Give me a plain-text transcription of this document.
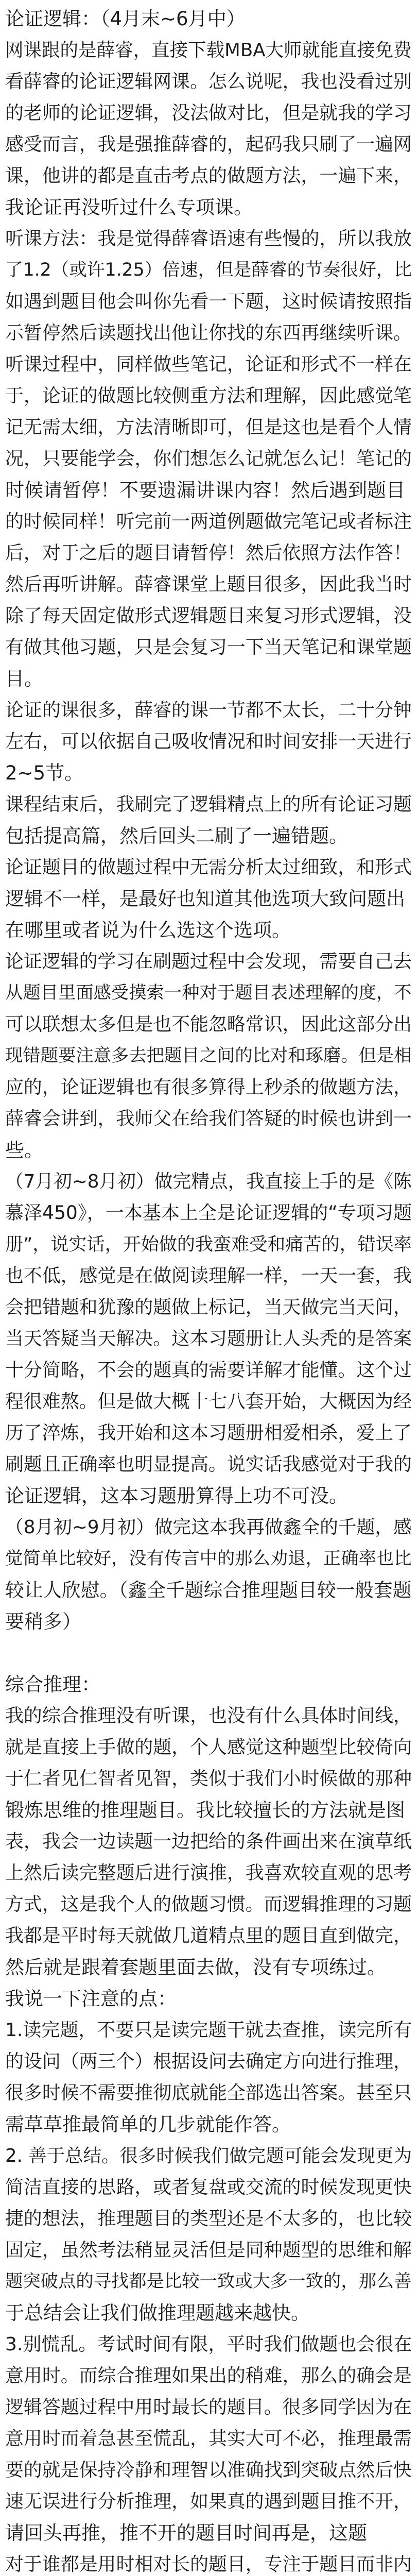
论证逻辑：（4月末~6月中）
网课跟的是薛睿，直接下载MBA大师就能直接免费
看薛睿的论证逻辑网课。怎么说呢，我也没看过别
的老师的论证逻辑，没法做对比，但是就我的学习
感受而言，我是强推薛睿的，起码我只刷了一遍网
课，他讲的都是直击考点的做题方法，一遍下来，
我论证再没听过什么专项课。
听课方法：我是觉得薛睿语速有些慢的，所以我放
了1.2（或许1.25）倍速，但是薛睿的节奏很好，比
如遇到题目他会叫你先看一下题，这时候请按照指
示暂停然后读题找出他让你找的东西再继续听课。
听课过程中，同样做些笔记，论证和形式不一样在
于，论证的做题比较侧重方法和理解，因此感觉笔
记无需太细，方法清晰即可，但是这也是看个人情
况，只要能学会，你们想怎么记就怎么记！笔记的
时候请暂停！不要遗漏讲课内容！然后遇到题目
的时候同样！听完前一两道例题做完笔记或者标注
后，对于之后的题目请暂停！然后依照方法作答！
然后再听讲解。薛睿课堂上题目很多，因此我当时
除了每天固定做形式逻辑题目来复习形式逻辑，没
有做其他习题，只是会复习一下当天笔记和课堂题
目。
论证的课很多，薛睿的课一节都不太长，二十分钟
左右，可以依据自己吸收情况和时间安排一天进行
2~5节。
课程结束后，我刷完了逻辑精点上的所有论证习题
包括提高篇，然后回头二刷了一遍错题。
论证题目的做题过程中无需分析太过细致，和形式
逻辑不一样，是最好也知道其他选项大致问题出
在哪里或者说为什么选这个选项。
论证逻辑的学习在刷题过程中会发现，需要自己去
从题目里面感受摸索一种对于题目表述理解的度，不
可以联想太多但是也不能忽略常识，因此这部分出
现错题要注意多去把题目之间的比对和琢磨。但是相
应的，论证逻辑也有很多算得上秒杀的做题方法，
薛睿会讲到，我师父在给我们答疑的时候也讲到一
些。
（7月初~8月初）做完精点，我直接上手的是《陈
慕泽450》，一本基本上全是论证逻辑的“专项习题
册”，说实话，开始做的我蛮难受和痛苦的，错误率
也不低，感觉是在做阅读理解一样，一天一套，我
会把错题和犹豫的题做上标记，当天做完当天问，
当天答疑当天解决。这本习题册让人头秃的是答案
十分简略，不会的题真的需要详解才能懂。这个过
程很难熬。但是做大概十七八套开始，大概因为经
历了淬炼，我开始和这本习题册相爱相杀，爱上了
刷题且正确率也明显提高。说实话我感觉对于我的
论证逻辑，这本习题册算得上功不可没。
（8月初~9月初）做完这本我再做鑫全的千题，感
觉简单比较好，没有传言中的那么劝退，正确率也比
较让人欣慰。（鑫全千题综合推理题目较一般套题
要稍多）
综合推理：
我的综合推理没有听课，也没有什么具体时间线，
就是直接上手做的题，个人感觉这种题型比较倚向
于仁者见仁智者见智，类似于我们小时候做的那种
锻炼思维的推理题目。我比较擅长的方法就是图
表，我会一边读题一边把给的条件画出来在演草纸
上然后读完整题后进行演推，我喜欢较直观的思考
方式，这是我个人的做题习惯。而逻辑推理的习题
我都是平时每天就做几道精点里的题目直到做完，
然后就是跟着套题里面去做，没有专项练过。
我说一下注意的点：
1.读完题，不要只是读完题干就去查推，读完所有
的设问（两三个）根据设问去确定方向进行推理，
很多时候不需要推彻底就能全部选出答案。甚至只
需草草推最简单的几步就能作答。
2. 善于总结。很多时候我们做完题可能会发现更为
简洁直接的思路，或者复盘或交流的时候发现更快
捷的想法，推理题目的类型还是不太多的，也比较
固定，虽然考法稍显灵活但是同种题型的思维和解
题突破点的寻找都是比较一致或大多一致的，那么善
于总结会让我们做推理题越来越快。
3.别慌乱。考试时间有限，平时我们做题也会很在
意用时。而综合推理如果出的稍难，那么的确会是
逻辑答题过程中用时最长的题目。很多同学因为在
意用时而着急甚至慌乱，其实大可不必，推理最需
要的就是保持冷静和理智以准确找到突破点然后快
速无误进行分析推理，如果真的遇到题目推不开，
请回头再推，推不开的题目时间再是，这题
对于谁都是用时相对长的题目，专注于题目而非内
